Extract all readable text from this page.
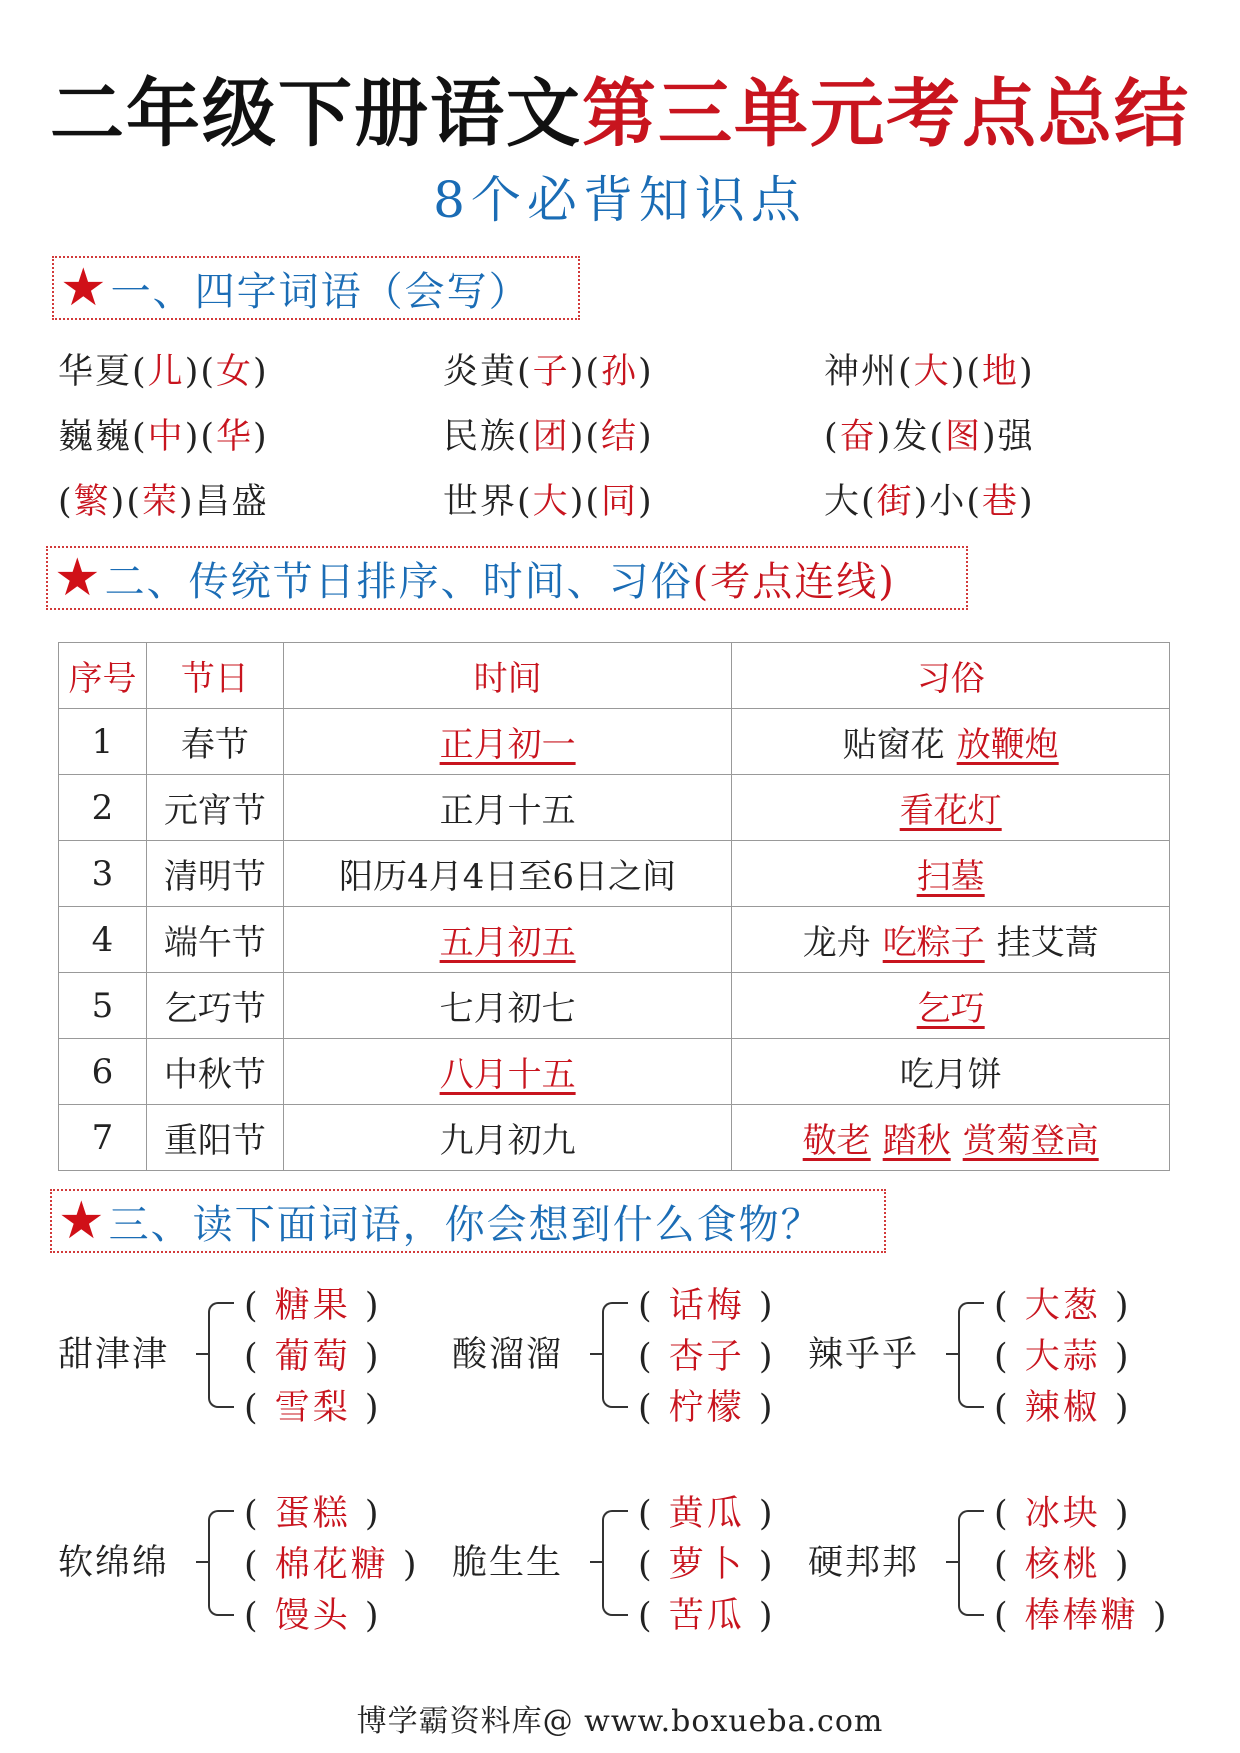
二年级下册语文第三单元考点总结
8个必背知识点
★ 一、四字词语（会写）
华夏(儿)(女)	炎黄(子)(孙)	神州(大)(地)
巍巍(中)(华)	民族(团)(结)	(奋)发(图)强
(繁)(荣)昌盛	世界(大)(同)	大(街)小(巷)
★ 二、传统节日排序、时间、习俗(考点连线)
序号	节日	时间	习俗
1	春节	正月初一	贴窗花 放鞭炮
2	元宵节	正月十五	看花灯
3	清明节	阳历4月4日至6日之间	扫墓
4	端午节	五月初五	龙舟 吃粽子 挂艾蒿
5	乞巧节	七月初七	乞巧
6	中秋节	八月十五	吃月饼
7	重阳节	九月初九	敬老 踏秋 赏菊登高
★ 三、读下面词语，你会想到什么食物？
甜津津
( 糖果 )
( 葡萄 )
( 雪梨 )
酸溜溜
( 话梅 )
( 杏子 )
( 柠檬 )
辣乎乎
( 大葱 )
( 大蒜 )
( 辣椒 )
软绵绵
( 蛋糕 )
( 棉花糖 )
( 馒头 )
脆生生
( 黄瓜 )
( 萝卜 )
( 苦瓜 )
硬邦邦
( 冰块 )
( 核桃 )
( 棒棒糖 )
博学霸资料库@ www.boxueba.com
